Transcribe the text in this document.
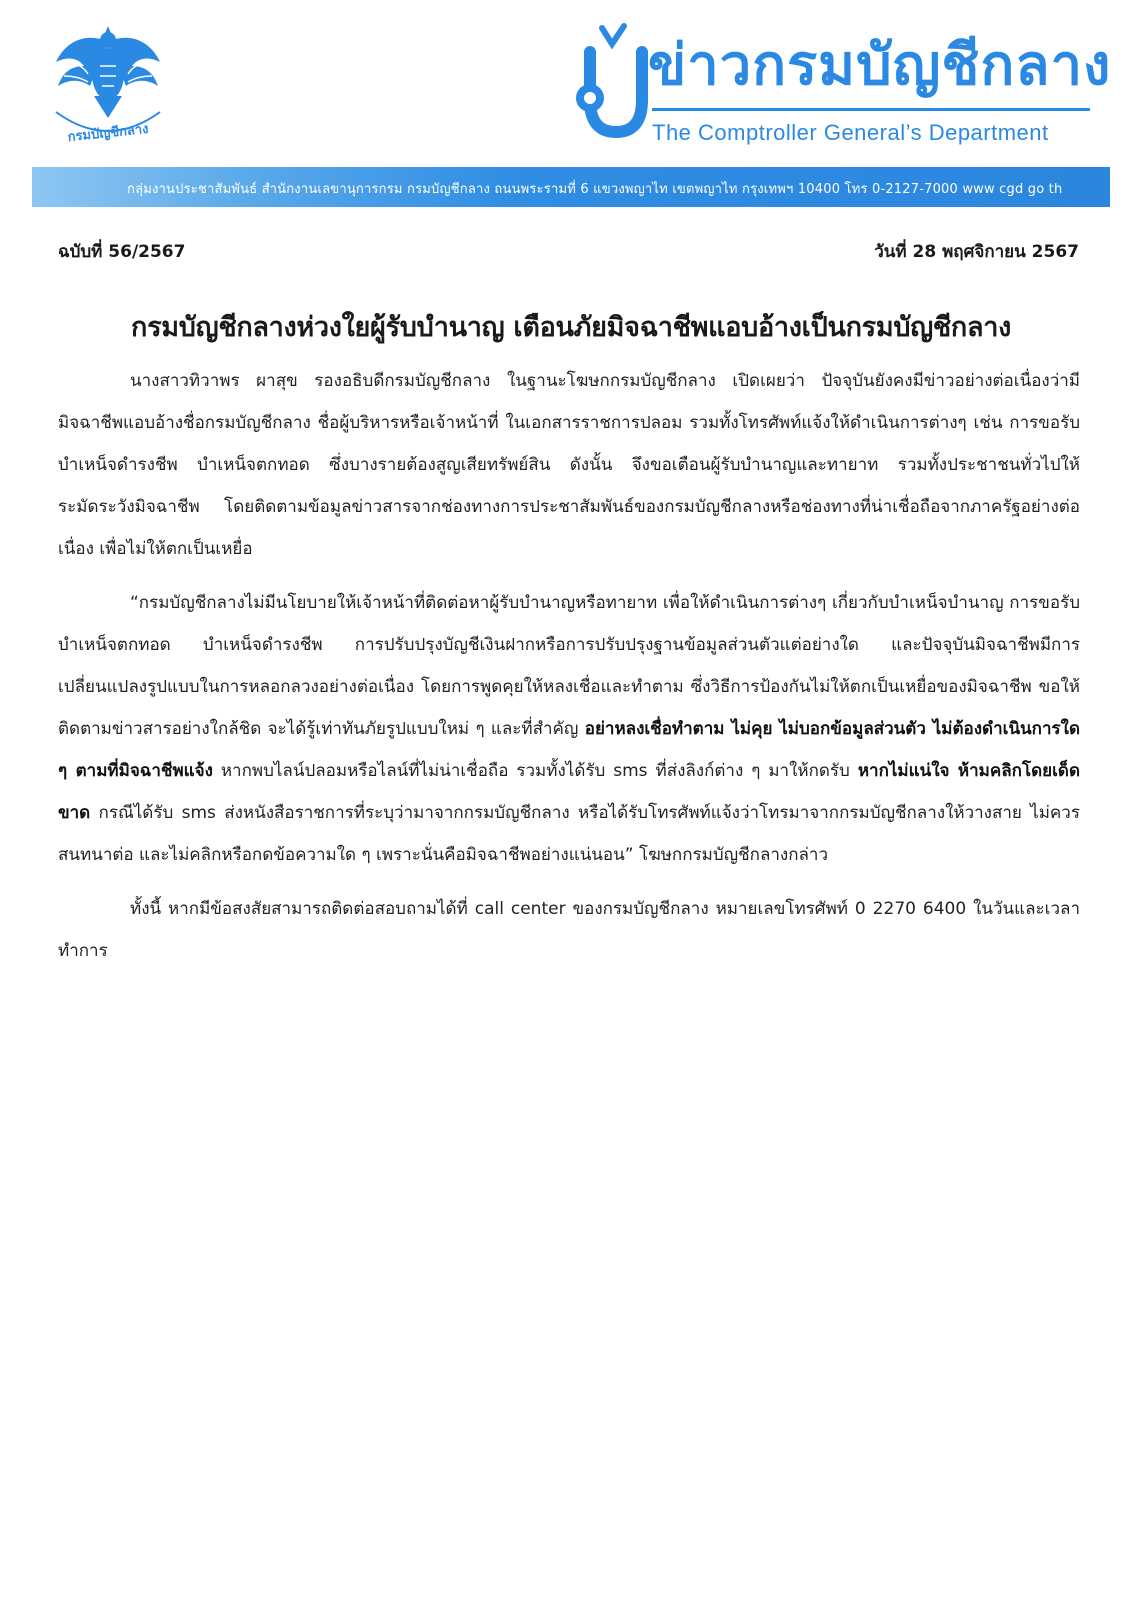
กรมบัญชีกลาง
ข่าวกรมบัญชีกลาง
The Comptroller General’s Department
กลุ่มงานประชาสัมพันธ์ สำนักงานเลขานุการกรม กรมบัญชีกลาง ถนนพระรามที่ 6 แขวงพญาไท เขตพญาไท กรุงเทพฯ 10400 โทร 0-2127-7000 www cgd go th
ฉบับที่ 56/2567	วันที่ 28 พฤศจิกายน 2567
กรมบัญชีกลางห่วงใยผู้รับบำนาญ เตือนภัยมิจฉาชีพแอบอ้างเป็นกรมบัญชีกลาง

นางสาวทิวาพร ผาสุข รองอธิบดีกรมบัญชีกลาง ในฐานะโฆษกกรมบัญชีกลาง เปิดเผยว่า ปัจจุบันยังคงมีข่าวอย่างต่อเนื่องว่ามีมิจฉาชีพแอบอ้างชื่อกรมบัญชีกลาง ชื่อผู้บริหารหรือเจ้าหน้าที่ ในเอกสารราชการปลอม รวมทั้งโทรศัพท์แจ้งให้ดำเนินการต่างๆ เช่น การขอรับบำเหน็จดำรงชีพ บำเหน็จตกทอด ซึ่งบางรายต้องสูญเสียทรัพย์สิน ดังนั้น จึงขอเตือนผู้รับบำนาญและทายาท รวมทั้งประชาชนทั่วไปให้ระมัดระวังมิจฉาชีพ โดยติดตามข้อมูลข่าวสารจากช่องทางการประชาสัมพันธ์ของกรมบัญชีกลางหรือช่องทางที่น่าเชื่อถือจากภาครัฐอย่างต่อเนื่อง เพื่อไม่ให้ตกเป็นเหยื่อ

“กรมบัญชีกลางไม่มีนโยบายให้เจ้าหน้าที่ติดต่อหาผู้รับบำนาญหรือทายาท เพื่อให้ดำเนินการต่างๆ เกี่ยวกับบำเหน็จบำนาญ การขอรับบำเหน็จตกทอด บำเหน็จดำรงชีพ การปรับปรุงบัญชีเงินฝากหรือการปรับปรุงฐานข้อมูลส่วนตัวแต่อย่างใด และปัจจุบันมิจฉาชีพมีการเปลี่ยนแปลงรูปแบบในการหลอกลวงอย่างต่อเนื่อง โดยการพูดคุยให้หลงเชื่อและทำตาม ซึ่งวิธีการป้องกันไม่ให้ตกเป็นเหยื่อของมิจฉาชีพ ขอให้ติดตามข่าวสารอย่างใกล้ชิด จะได้รู้เท่าทันภัยรูปแบบใหม่ ๆ และที่สำคัญ อย่าหลงเชื่อทำตาม ไม่คุย ไม่บอกข้อมูลส่วนตัว ไม่ต้องดำเนินการใด ๆ ตามที่มิจฉาชีพแจ้ง หากพบไลน์ปลอมหรือไลน์ที่ไม่น่าเชื่อถือ รวมทั้งได้รับ sms ที่ส่งลิงก์ต่าง ๆ มาให้กดรับ หากไม่แน่ใจ ห้ามคลิกโดยเด็ดขาด กรณีได้รับ sms ส่งหนังสือราชการที่ระบุว่ามาจากกรมบัญชีกลาง หรือได้รับโทรศัพท์แจ้งว่าโทรมาจากกรมบัญชีกลางให้วางสาย ไม่ควรสนทนาต่อ และไม่คลิกหรือกดข้อความใด ๆ เพราะนั่นคือมิจฉาชีพอย่างแน่นอน” โฆษกกรมบัญชีกลางกล่าว

ทั้งนี้ หากมีข้อสงสัยสามารถติดต่อสอบถามได้ที่ call center ของกรมบัญชีกลาง หมายเลขโทรศัพท์ 0 2270 6400 ในวันและเวลาทำการ
